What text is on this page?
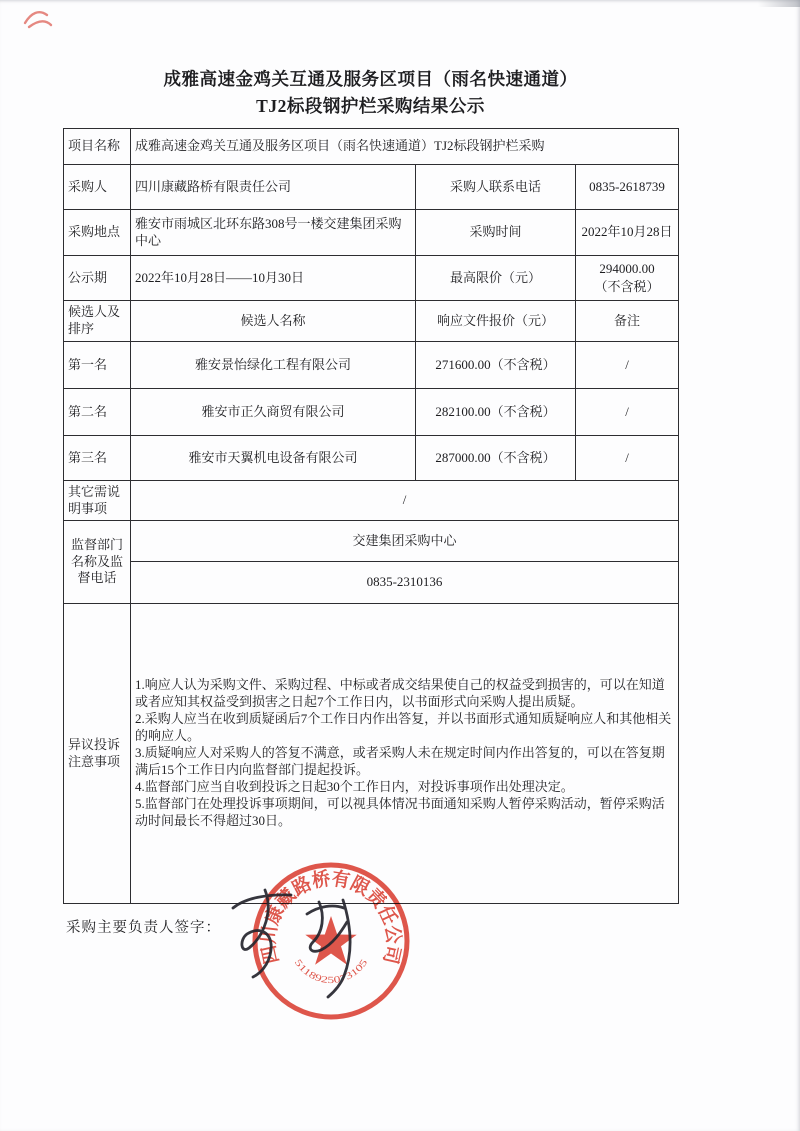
成雅高速金鸡关互通及服务区项目（雨名快速通道）
TJ2标段钢护栏采购结果公示
项目名称	成雅高速金鸡关互通及服务区项目（雨名快速通道）TJ2标段钢护栏采购		
采购人	四川康藏路桥有限责任公司	采购人联系电话	0835-2618739
采购地点	雅安市雨城区北环东路308号一楼交建集团采购中心	采购时间	2022年10月28日
公示期	2022年10月28日——10月30日	最高限价（元）	294000.00
（不含税）

候选人及排序	候选人名称	响应文件报价（元）	备注
第一名	雅安景怡绿化工程有限公司	271600.00（不含税）	/
第二名	雅安市正久商贸有限公司	282100.00（不含税）	/
第三名	雅安市天翼机电设备有限公司	287000.00（不含税）	/
其它需说明事项	/		
监督部门名称及监督电话	交建集团采购中心		
	0835-2310136		
异议投诉注意事项	1.响应人认为采购文件、采购过程、中标或者成交结果使自己的权益受到损害的，可以在知道或者应知其权益受到损害之日起7个工作日内，以书面形式向采购人提出质疑。
2.采购人应当在收到质疑函后7个工作日内作出答复，并以书面形式通知质疑响应人和其他相关的响应人。
3.质疑响应人对采购人的答复不满意，或者采购人未在规定时间内作出答复的，可以在答复期满后15个工作日内向监督部门提起投诉。
4.监督部门应当自收到投诉之日起30个工作日内，对投诉事项作出处理决定。
5.监督部门在处理投诉事项期间，可以视具体情况书面通知采购人暂停采购活动，暂停采购活动时间最长不得超过30日。		
采购主要负责人签字：
四川康藏路桥有限责任公司
5118925073105
